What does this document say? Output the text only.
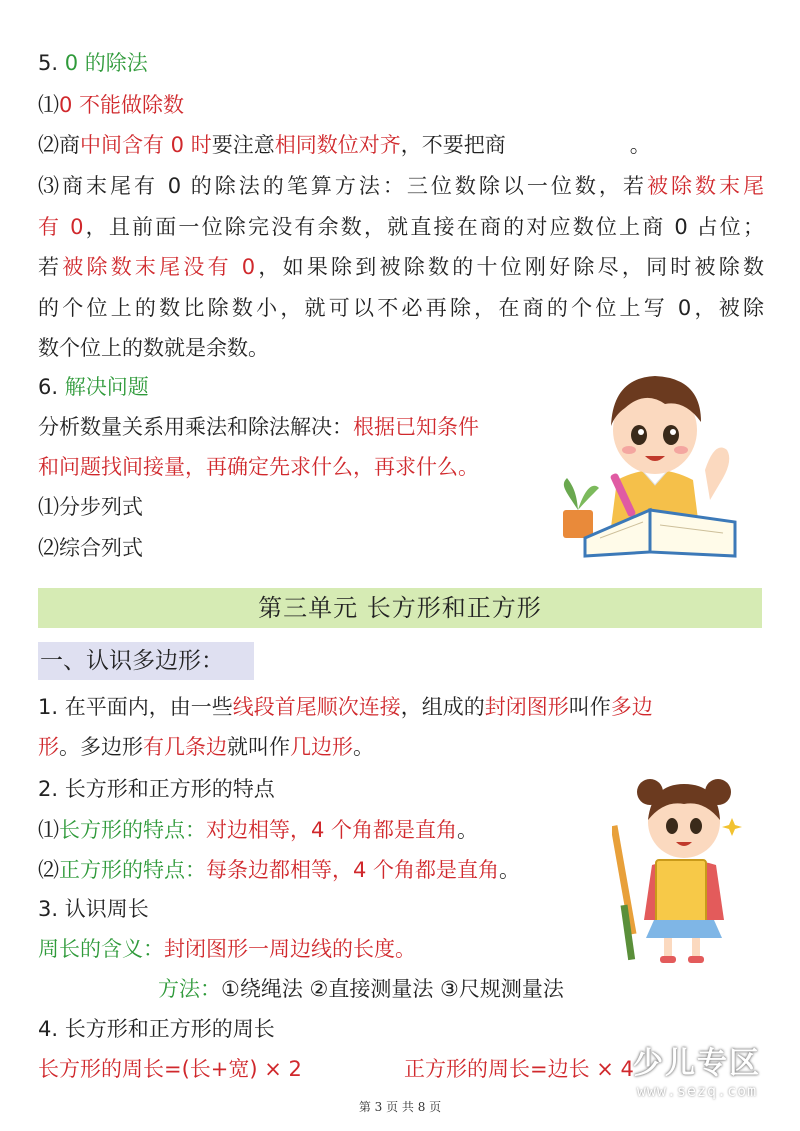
5. 0 的除法
⑴0 不能做除数
⑵商中间含有 0 时要注意相同数位对齐，不要把商	。
⑶商末尾有 0 的除法的笔算方法：三位数除以一位数，若被除数末尾
有 0，且前面一位除完没有余数，就直接在商的对应数位上商 0 占位；
若被除数末尾没有 0，如果除到被除数的十位刚好除尽，同时被除数
的个位上的数比除数小，就可以不必再除，在商的个位上写 0，被除
数个位上的数就是余数。
6. 解决问题
分析数量关系用乘法和除法解决：根据已知条件
和问题找间接量，再确定先求什么，再求什么。
⑴分步列式
⑵综合列式
第三单元 长方形和正方形
一、认识多边形：
1. 在平面内，由一些线段首尾顺次连接，组成的封闭图形叫作多边
形。多边形有几条边就叫作几边形。
2. 长方形和正方形的特点
⑴长方形的特点：对边相等，4 个角都是直角。
⑵正方形的特点：每条边都相等，4 个角都是直角。
3. 认识周长
周长的含义：封闭图形一周边线的长度。
方法：①绕绳法 ②直接测量法 ③尺规测量法
4. 长方形和正方形的周长
长方形的周长=(长+宽) × 2	正方形的周长=边长 × 4 少儿专区
www.sezq.com
第 3 页 共 8 页
